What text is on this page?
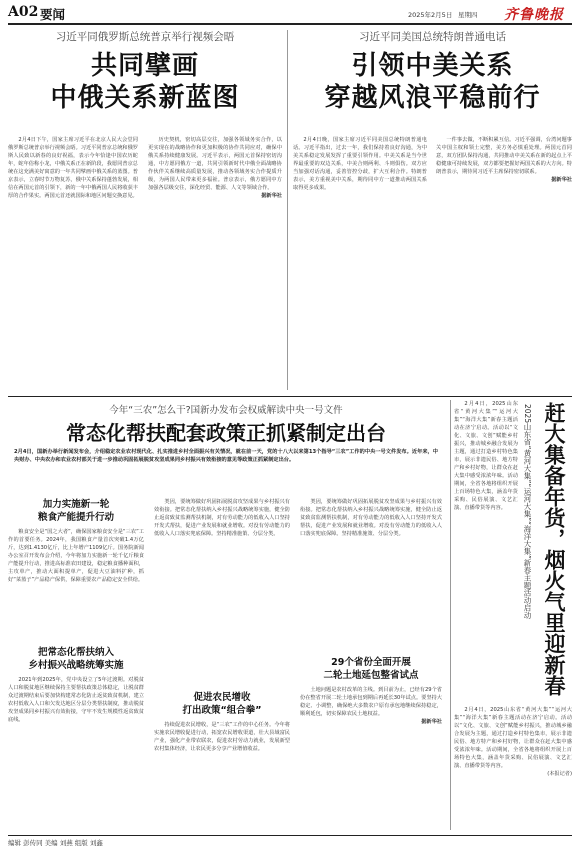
A02 要闻	2025年2月5日 星期四 齐鲁晚报
习近平同俄罗斯总统普京举行视频会晤
共同擘画
中俄关系新蓝图

2月4日下午，国家主席习近平在北京人民大会堂同俄罗斯总统普京举行视频会晤。习近平同普京总统和俄罗斯人民致以新春的良好祝福，表示今年恰逢中国农历蛇年，蛇年俗称小龙，中俄关系正在新阶段，我愿同普京总统在这充满美好寓意的一年共同擘画中俄关系的蓝图。普京表示，立春时节万物复苏，俄中关系保持蓬勃发展，相信在两国元首的引领下，新的一年中俄两国人民将收获丰厚的合作果实。两国元首还就国际和地区问题交换意见。

历史契机，密切高层交往，加强各领域务实合作，以更实现在的战略协作和更加积极的协作共同应对，确保中俄关系持续健康发展。习近平表示，两国元首保持密切沟通，中方愿同俄方一道，共同引领新时代中俄全面战略协作伙伴关系继续高质量发展，推动各领域务实合作提质升级，为两国人民带来更多福祉。普京表示，俄方愿同中方加强各层级交往，深化经贸、能源、人文等领域合作。

据新华社

习近平同美国总统特朗普通电话
引领中美关系
穿越风浪平稳前行

2月4日晚，国家主席习近平同美国总统特朗普通电话。习近平指出，过去一年，我们保持着良好沟通，为中美关系稳定发展发挥了重要引领作用。中美关系是当今世界最重要的双边关系，中美合则两利、斗则俱伤。双方应当加强对话沟通，妥善管控分歧，扩大互利合作。特朗普表示，美方重视美中关系，期待同中方一道推动两国关系取得更多成果。

一件事去做，不断积累互信。习近平强调，台湾问题事关中国主权和领土完整，美方务必慎重处理。两国元首同意，双方团队保持沟通，共同推动中美关系在新的起点上平稳健康可持续发展，双方都要把握好两国关系的大方向。特朗普表示，期待同习近平主席保持密切联系。

据新华社

今年“三农”怎么干?国新办发布会权威解读中央一号文件
常态化帮扶配套政策正抓紧制定出台
2月4日，国新办举行新闻发布会，介绍稳定农业农村现代化、扎实推进乡村全面振兴有关情况，就在前一天，党的十八大以来第13个指导“三农”工作的中央一号文件发布。近年来，中央财办、中央农办和农业农村部关于进一步推动巩固拓展脱贫攻坚成果同乡村振兴有效衔接的意见等政策正抓紧制定出台。
加力实施新一轮
粮食产能提升行动

粮食安全是“国之大者”，确保国家粮食安全是“三农”工作的首要任务。2024年，我国粮食产量首次突破1.4万亿斤，达到1.4130亿斤，比上年增产1109亿斤。国务院新闻办公室召开发布会介绍，今年将加力实施新一轮千亿斤粮食产能提升行动，推进高标准农田建设，稳定粮食播种面积，主攻单产，推动大面积提单产，促进大豆油料扩种，抓好“菜篮子”产品稳产保供，保障重要农产品稳定安全供给。

把常态化帮扶纳入
乡村振兴战略统筹实施

2021年到2025年，党中央设立了5年过渡期。对脱贫人口和脱贫地区继续保持主要帮扶政策总体稳定，让脱贫群众过渡期结束后要加快构建常态化防止返贫致贫机制，建立农村低收入人口和欠发达地区分层分类帮扶制度，推动脱贫攻坚成果同乡村振兴有效衔接，守牢不发生规模性返贫致贫底线。

类因，要统筹做好巩固拓展脱贫攻坚成果与乡村振兴有效衔接。把常态化帮扶纳入乡村振兴战略统筹实施，健全防止返贫致贫监测帮扶机制，对有劳动能力的低收入人口坚持开发式帮扶，促进产业发展和就业增收。对没有劳动能力的低收入人口落实兜底保障。坚持精准施策、分层分类。

促进农民增收
打出政策“组合拳”

持续促进农民增收，是“三农”工作的中心任务。今年将实施农民增收促进行动，拓宽农民增收渠道，壮大县域富民产业，强化产业带农联农，促进农村劳动力就业，发展新型农村集体经济，让农民更多分享产业增值收益。

类因，要统筹做好巩固拓展脱贫攻坚成果与乡村振兴有效衔接。把常态化帮扶纳入乡村振兴战略统筹实施，健全防止返贫致贫监测帮扶机制，对有劳动能力的低收入人口坚持开发式帮扶，促进产业发展和就业增收。对没有劳动能力的低收入人口落实兜底保障。坚持精准施策、分层分类。

29个省份全面开展
二轮土地延包整省试点

土地问题是农村改革的主线。到目前为止，已经有29个省份在整省开展二轮土地承包到期后再延长30年试点。要坚持大稳定、小调整，确保绝大多数农户原有承包地继续保持稳定，顺利延包，切实保障农民土地权益。

据新华社

2月4日，2025山东省“黄河大集”“运河大集”“海洋大集”新春主题活动在济宁启动。活动以“文化、文旅、文创”赋能乡村振兴，推动城乡融合发展为主题，通过打造乡村特色集市，展示非遗民俗、地方特产和乡村好物，让群众在赶大集中感受浓浓年味。活动期间，全省各地将组织开展上百场特色大集，涵盖年货采购、民俗展演、文艺汇演、直播带货等内容。	2025山东省“黄河大集”“运河大集”“海洋大集”新春主题活动启动 赶大集备年货，烟火气里迎新春

2月4日，2025山东省“黄河大集”“运河大集”“海洋大集”新春主题活动在济宁启动。活动以“文化、文旅、文创”赋能乡村振兴，推动城乡融合发展为主题，通过打造乡村特色集市，展示非遗民俗、地方特产和乡村好物，让群众在赶大集中感受浓浓年味。活动期间，全省各地将组织开展上百场特色大集，涵盖年货采购、民俗展演、文艺汇演、直播带货等内容。

(本报记者)

编辑 彭传同 美编 刘燕 组版 刘鑫
